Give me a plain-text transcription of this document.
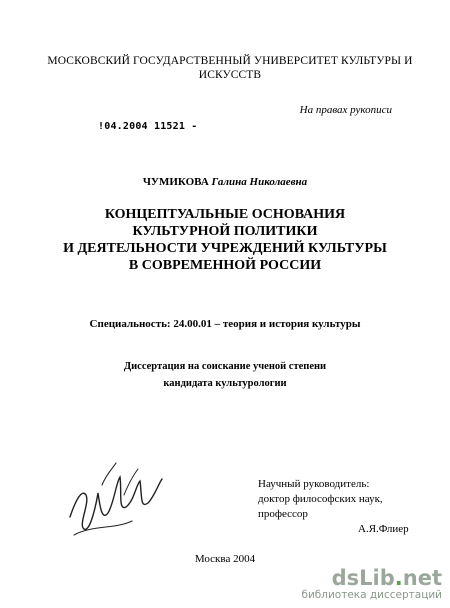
МОСКОВСКИЙ ГОСУДАРСТВЕННЫЙ УНИВЕРСИТЕТ КУЛЬТУРЫ И
ИСКУССТВ
На правах рукописи
!04.2004 11521 -
ЧУМИКОВА Галина Николаевна
КОНЦЕПТУАЛЬНЫЕ ОСНОВАНИЯ
КУЛЬТУРНОЙ ПОЛИТИКИ
И ДЕЯТЕЛЬНОСТИ УЧРЕЖДЕНИЙ КУЛЬТУРЫ
В СОВРЕМЕННОЙ РОССИИ
Специальность: 24.00.01 – теория и история культуры
Диссертация на соискание ученой степени
кандидата культурологии
Научный руководитель:
доктор философских наук, профессор
А.Я.Флиер
Москва 2004
dsLib.net
библиотека диссертаций
